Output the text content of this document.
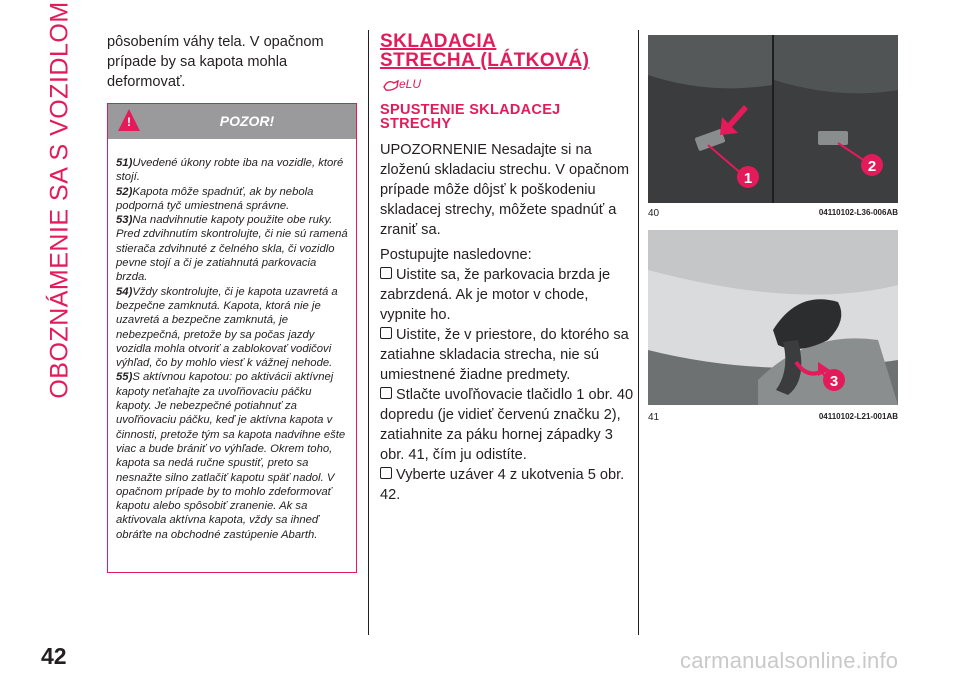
OBOZNÁMENIE SA S VOZIDLOM pôsobením váhy tela. V opačnom
prípade by sa kapota mohla
deformovať.

!	POZOR!

51)Uvedené úkony robte iba na vozidle, ktoré stojí.

52)Kapota môže spadnúť, ak by nebola podporná tyč umiestnená správne.

53)Na nadvihnutie kapoty použite obe ruky. Pred zdvihnutím skontrolujte, či nie sú ramená stierača zdvihnuté z čelného skla, či vozidlo pevne stojí a či je zatiahnutá parkovacia brzda.

54)Vždy skontrolujte, či je kapota uzavretá a bezpečne zamknutá. Kapota, ktorá nie je uzavretá a bezpečne zamknutá, je nebezpečná, pretože by sa počas jazdy vozidla mohla otvoriť a zablokovať vodičovi výhľad, čo by mohlo viesť k vážnej nehode.

55)S aktívnou kapotou: po aktivácii aktívnej kapoty neťahajte za uvoľňovaciu páčku kapoty. Je nebezpečné potiahnuť za uvoľňovaciu páčku, keď je aktívna kapota v činnosti, pretože tým sa kapota nadvihne ešte viac a bude brániť vo výhľade. Okrem toho, kapota sa nedá ručne spustiť, preto sa nesnažte silno zatlačiť kapotu späť nadol. V opačnom prípade by to mohlo zdeformovať kapotu alebo spôsobiť zranenie. Ak sa aktivovala aktívna kapota, vždy sa ihneď obráťte na obchodné zastúpenie Abarth.

SKLADACIA
STRECHA (LÁTKOVÁ)
eLU
SPUSTENIE SKLADACEJ
STRECHY

UPOZORNENIE Nesadajte si na zloženú skladaciu strechu. V opačnom prípade môže dôjsť k poškodeniu skladacej strechy, môžete spadnúť a zraniť sa.

Postupujte nasledovne:

Uistite sa, že parkovacia brzda je zabrzdená. Ak je motor v chode, vypnite ho.

Uistite, že v priestore, do ktorého sa zatiahne skladacia strecha, nie sú umiestnené žiadne predmety.

Stlačte uvoľňovacie tlačidlo 1 obr. 40 dopredu (je vidieť červenú značku 2), zatiahnite za páku hornej západky 3 obr. 41, čím ju odistíte.

Vyberte uzáver 4 z ukotvenia 5 obr. 42.

1
2
40	04110102-L36-006AB
3
41	04110102-L21-001AB
42	carmanualsonline.info
